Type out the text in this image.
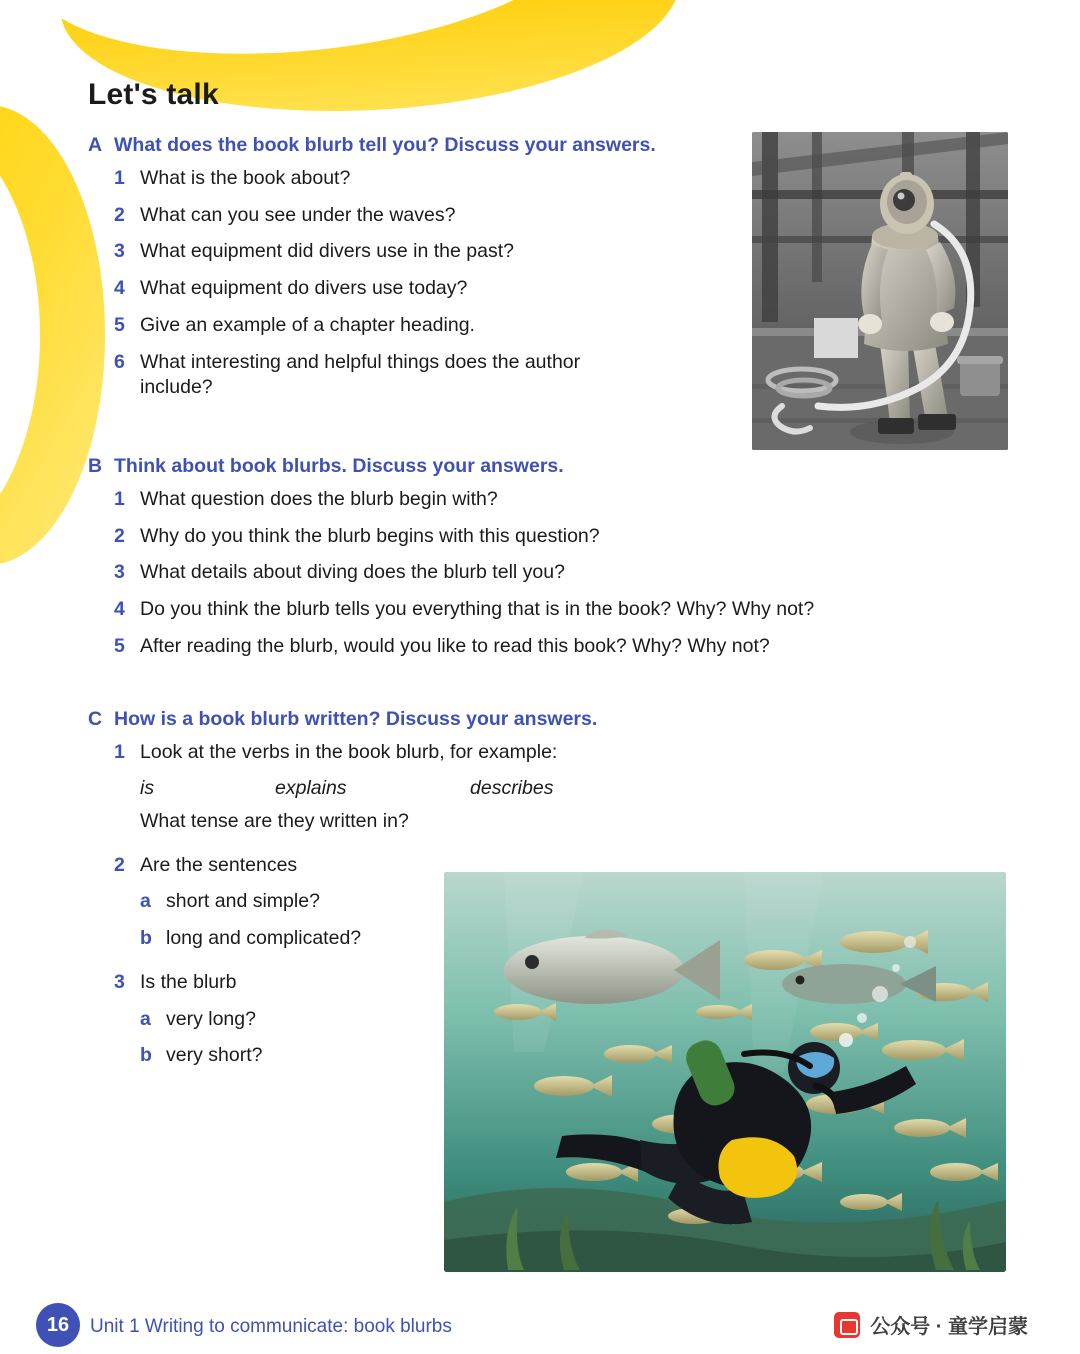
Let's talk
A What does the book blurb tell you? Discuss your answers.
1 What is the book about?
2 What can you see under the waves?
3 What equipment did divers use in the past?
4 What equipment do divers use today?
5 Give an example of a chapter heading.
6 What interesting and helpful things does the author include?
B Think about book blurbs. Discuss your answers.
1 What question does the blurb begin with?
2 Why do you think the blurb begins with this question?
3 What details about diving does the blurb tell you?
4 Do you think the blurb tells you everything that is in the book? Why? Why not?
5 After reading the blurb, would you like to read this book? Why? Why not?
C How is a book blurb written? Discuss your answers.
1 Look at the verbs in the book blurb, for example:
is	explains	describes
What tense are they written in?
2 Are the sentences
a short and simple?
b long and complicated?
3 Is the blurb
a very long?
b very short?
16	Unit 1 Writing to communicate: book blurbs	公众号 · 童学启蒙
